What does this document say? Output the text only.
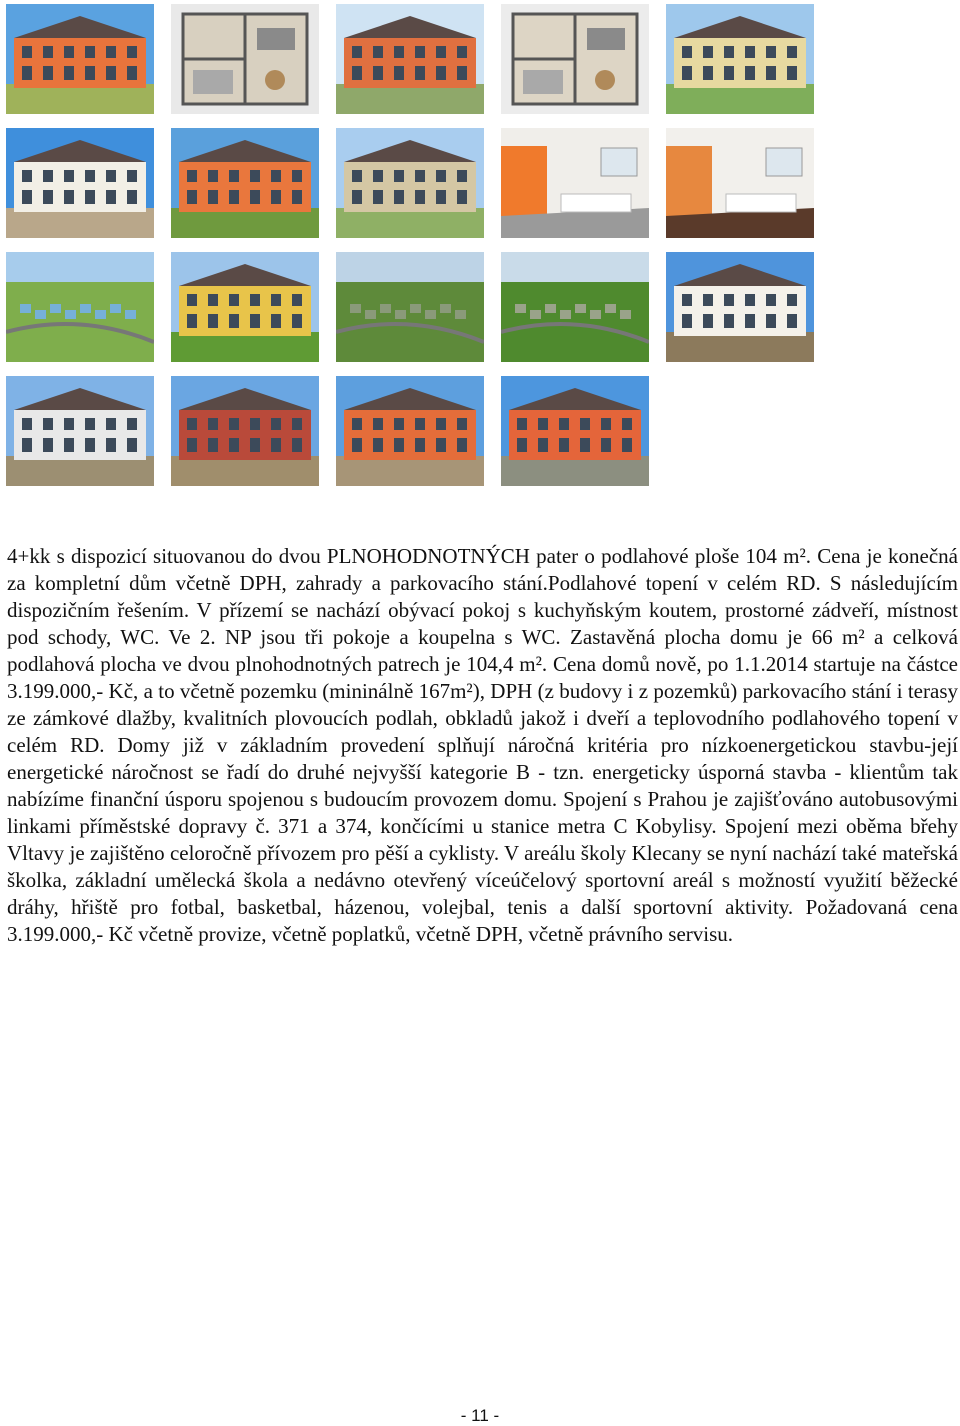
4+kk s dispozicí situovanou do dvou PLNOHODNOTNÝCH pater o podlahové ploše 104 m². Cena je konečná za kompletní dům včetně DPH, zahrady a parkovacího stání.Podlahové topení v celém RD. S následujícím dispozičním řešením. V přízemí se nachází obývací pokoj s kuchyňským koutem, prostorné zádveří, místnost pod schody, WC. Ve 2. NP jsou tři pokoje a koupelna s WC. Zastavěná plocha domu je 66 m² a celková podlahová plocha ve dvou plnohodnotných patrech je 104,4 m². Cena domů nově, po 1.1.2014 startuje na částce 3.199.000,- Kč, a to včetně pozemku (mininálně 167m²), DPH (z budovy i z pozemků) parkovacího stání i terasy ze zámkové dlažby, kvalitních plovoucích podlah, obkladů jakož i dveří a teplovodního podlahového topení v celém RD. Domy již v základním provedení splňují náročná kritéria pro nízkoenergetickou stavbu-její energetické náročnost se řadí do druhé nejvyšší kategorie B - tzn. energeticky úsporná stavba - klientům tak nabízíme finanční úsporu spojenou s budoucím provozem domu. Spojení s Prahou je zajišťováno autobusovými linkami příměstské dopravy č. 371 a 374, končícími u stanice metra C Kobylisy. Spojení mezi oběma břehy Vltavy je zajištěno celoročně přívozem pro pěší a cyklisty. V areálu školy Klecany se nyní nachází také mateřská školka, základní umělecká škola a nedávno otevřený víceúčelový sportovní areál s možností využití běžecké dráhy, hřiště pro fotbal, basketbal, házenou, volejbal, tenis a další sportovní aktivity. Požadovaná cena 3.199.000,- Kč včetně provize, včetně poplatků, včetně DPH, včetně právního servisu.

- 11 -
